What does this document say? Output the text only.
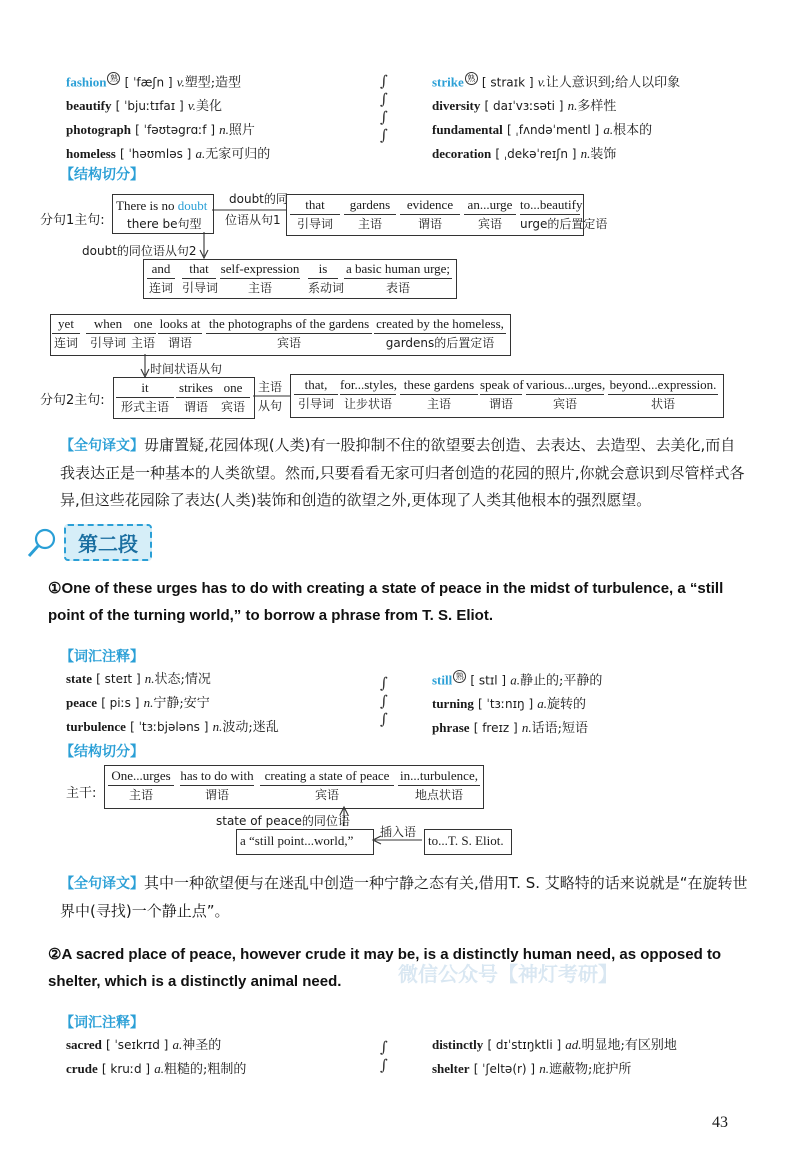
fashion 熟 [ ˈfæʃn ] v.塑型;造型
beautify [ ˈbjuːtɪfaɪ ] v.美化
photograph [ ˈfəʊtəgrɑːf ] n.照片
homeless [ ˈhəʊmləs ] a.无家可归的
strike 熟 [ straɪk ] v.让人意识到;给人以印象
diversity [ daɪˈvɜːsəti ] n.多样性
fundamental [ ˌfʌndəˈmentl ] a.根本的
decoration [ ˌdekəˈreɪʃn ] n.装饰
∫
∫
∫
∫
【结构切分】
分句1主句:
There is no doubt
there be句型
doubt的同
位语从句1
that
引导词
gardens
主语
evidence
谓语
an...urge
宾语
to...beautify
urge的后置定语
doubt的同位语从句2
and
连词
that
引导词
self-expression
主语
is
系动词
a basic human urge;
表语
yet
连词
when
引导词
one
主语
looks at
谓语
the photographs of the gardens
宾语
created by the homeless,
gardens的后置定语
时间状语从句
分句2主句:
it
形式主语
strikes
谓语
one
宾语
主语
从句
that,
引导词
for...styles,
让步状语
these gardens
主语
speak of
谓语
various...urges,
宾语
beyond...expression.
状语
【全句译文】毋庸置疑,花园体现(人类)有一股抑制不住的欲望要去创造、去表达、去造型、去美化,而自我表达正是一种基本的人类欲望。然而,只要看看无家可归者创造的花园的照片,你就会意识到尽管样式各异,但这些花园除了表达(人类)装饰和创造的欲望之外,更体现了人类其他根本的强烈愿望。
第二段
①One of these urges has to do with creating a state of peace in the midst of turbulence, a “still point of the turning world,” to borrow a phrase from T. S. Eliot.
【词汇注释】
state [ steɪt ] n.状态;情况
peace [ piːs ] n.宁静;安宁
turbulence [ ˈtɜːbjələns ] n.波动;迷乱
still 熟 [ stɪl ] a.静止的;平静的
turning [ ˈtɜːnɪŋ ] a.旋转的
phrase [ freɪz ] n.话语;短语
∫
∫
∫
【结构切分】
主干:
One...urges
主语
has to do with
谓语
creating a state of peace
宾语
in...turbulence,
地点状语
state of peace的同位语
a “still point...world,”
插入语
to...T. S. Eliot.
【全句译文】其中一种欲望便与在迷乱中创造一种宁静之态有关,借用T. S. 艾略特的话来说就是“在旋转世界中(寻找)一个静止点”。
②A sacred place of peace, however crude it may be, is a distinctly human need, as opposed to shelter, which is a distinctly animal need.	微信公众号【神灯考研】
【词汇注释】
sacred [ ˈseɪkrɪd ] a.神圣的
crude [ kruːd ] a.粗糙的;粗制的
distinctly [ dɪˈstɪŋktli ] ad.明显地;有区别地
shelter [ ˈʃeltə(r) ] n.遮蔽物;庇护所
∫
∫
43
